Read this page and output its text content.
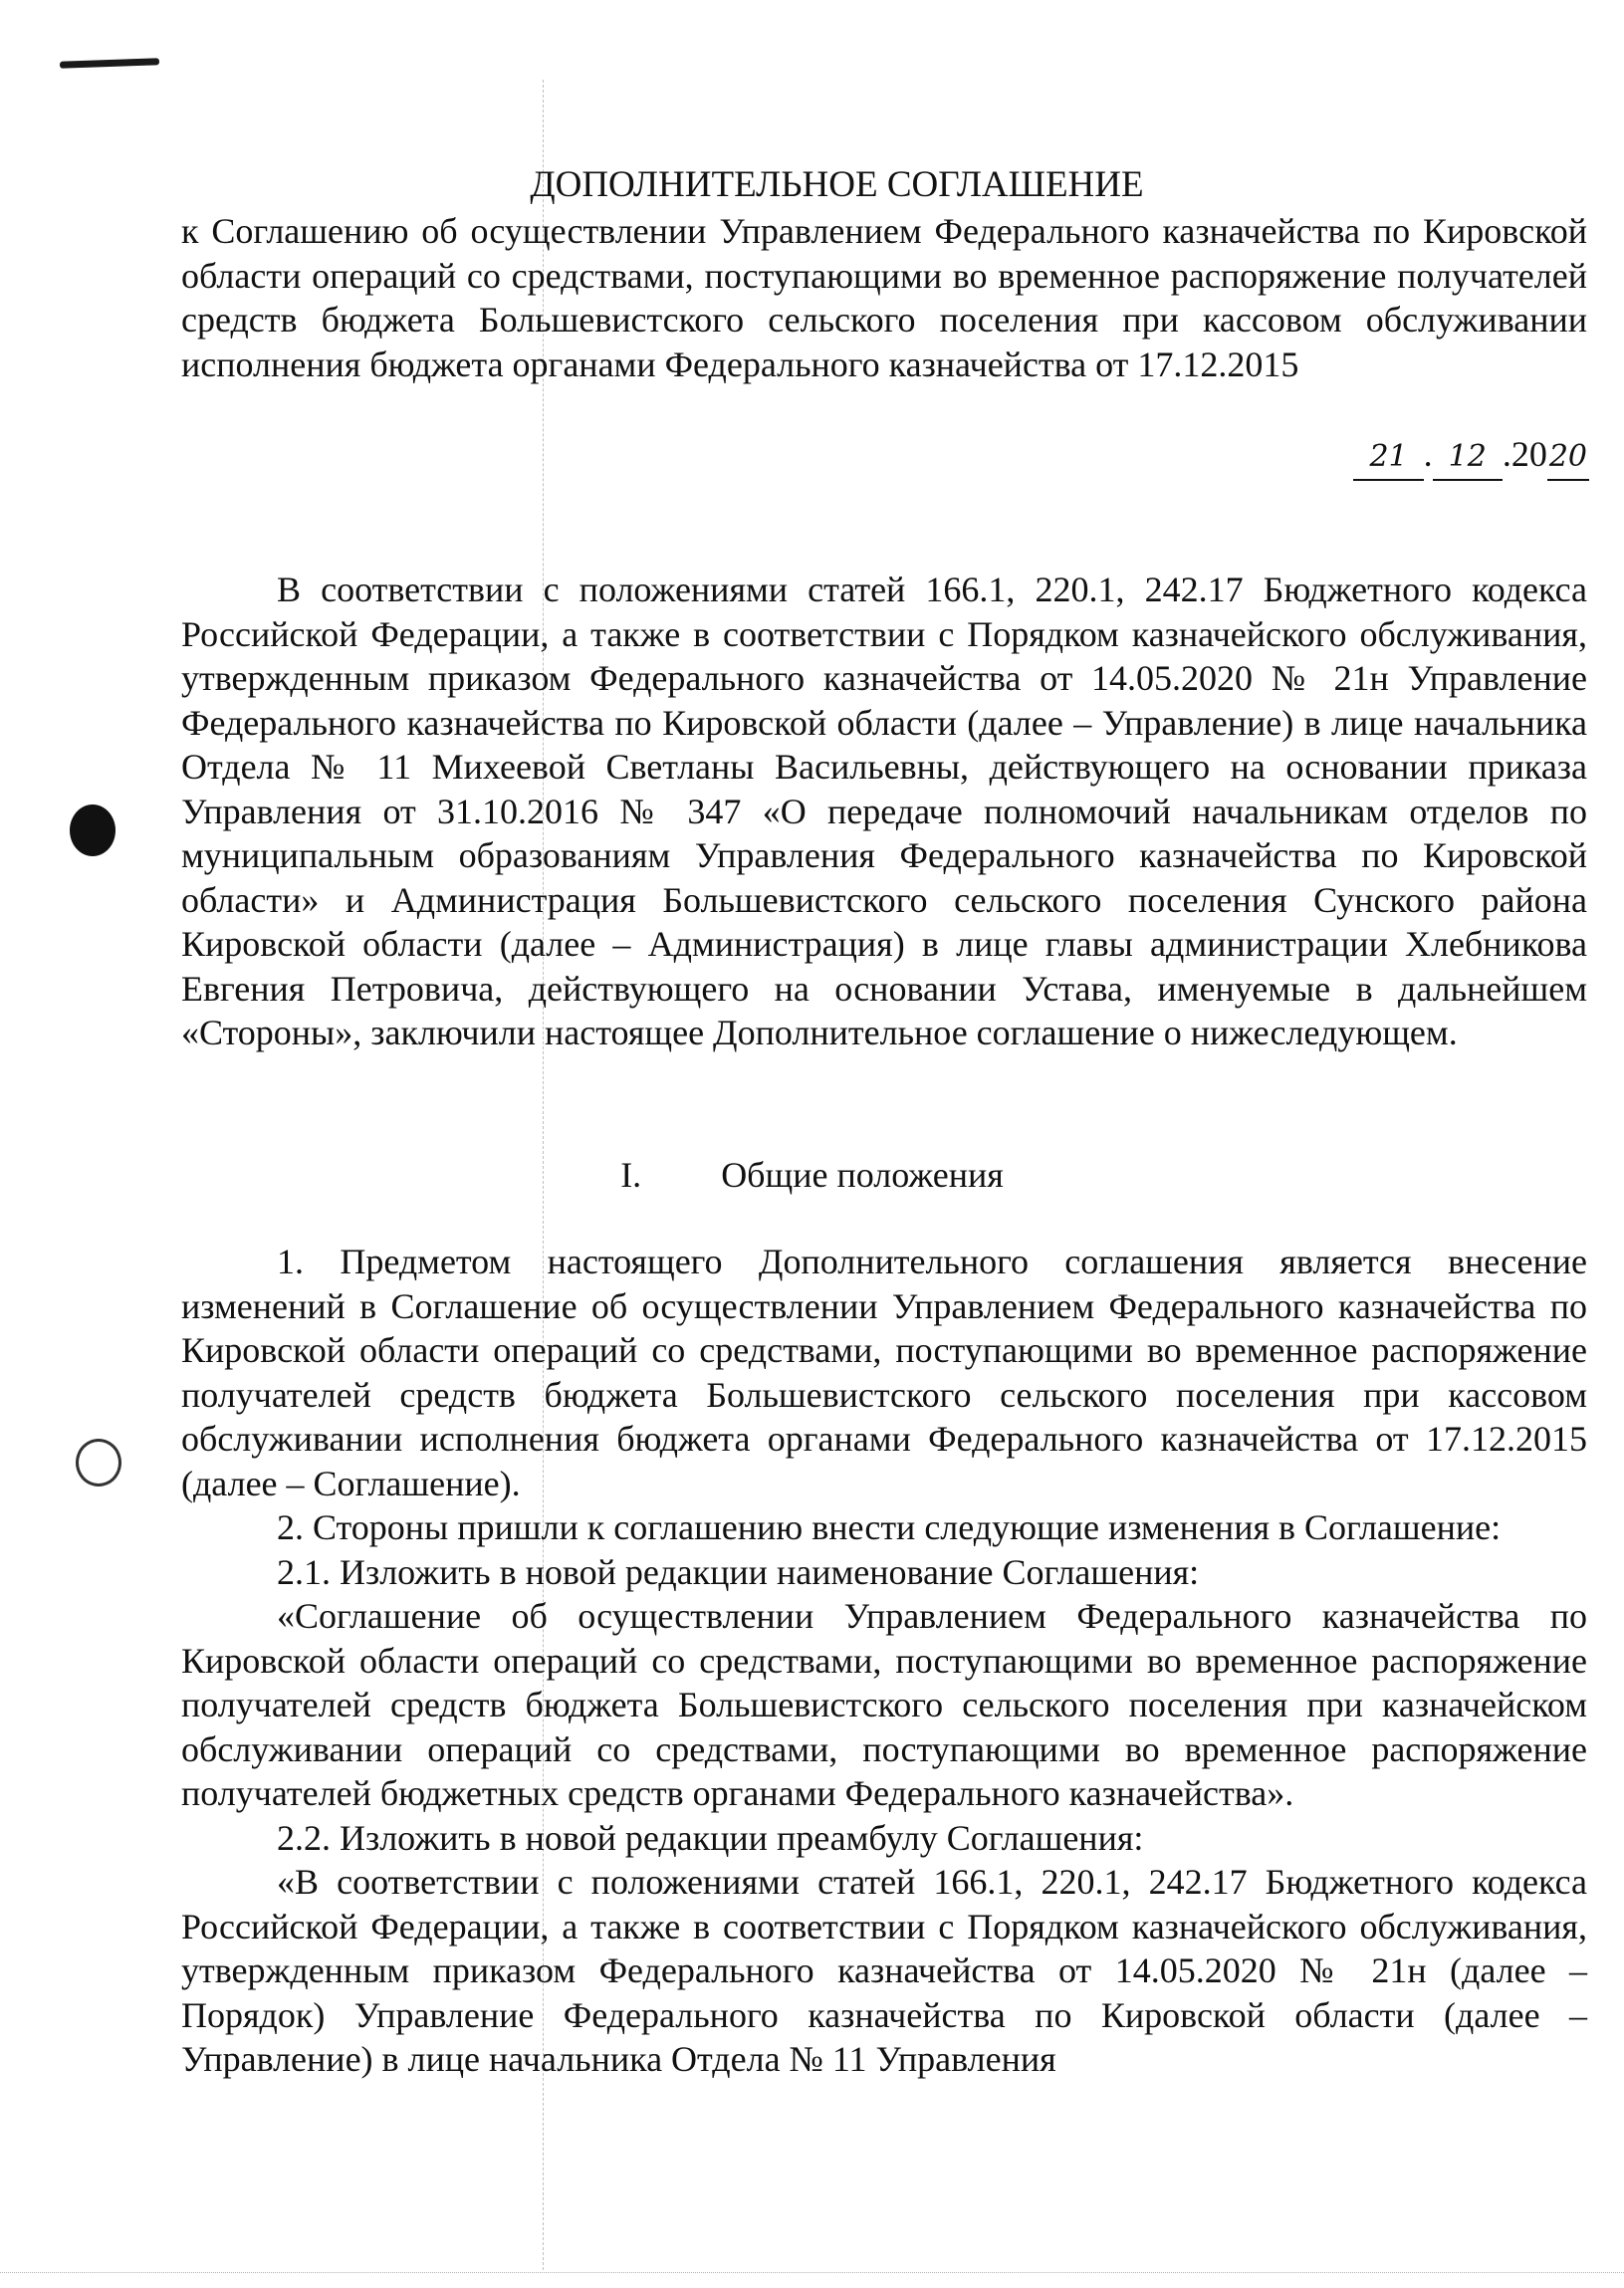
ДОПОЛНИТЕЛЬНОЕ СОГЛАШЕНИЕ

к Соглашению об осуществлении Управлением Федерального казначейства по Кировской области операций со средствами, поступающими во временное распоряжение получателей средств бюджета Большевистского сельского поселения при кассовом обслуживании исполнения бюджета органами Федерального казначейства от 17.12.2015

21 . 12 .2020

В соответствии с положениями статей 166.1, 220.1, 242.17 Бюджетного кодекса Российской Федерации, а также в соответствии с Порядком казначейского обслуживания, утвержденным приказом Федерального казначейства от 14.05.2020 № 21н Управление Федерального казначейства по Кировской области (далее – Управление) в лице начальника Отдела № 11 Михеевой Светланы Васильевны, действующего на основании приказа Управления от 31.10.2016 № 347 «О передаче полномочий начальникам отделов по муниципальным образованиям Управления Федерального казначейства по Кировской области» и Администрация Большевистского сельского поселения Сунского района Кировской области (далее – Администрация) в лице главы администрации Хлебникова Евгения Петровича, действующего на основании Устава, именуемые в дальнейшем «Стороны», заключили настоящее Дополнительное соглашение о нижеследующем.

I. Общие положения

1. Предметом настоящего Дополнительного соглашения является внесение изменений в Соглашение об осуществлении Управлением Федерального казначейства по Кировской области операций со средствами, поступающими во временное распоряжение получателей средств бюджета Большевистского сельского поселения при кассовом обслуживании исполнения бюджета органами Федерального казначейства от 17.12.2015 (далее – Соглашение).

2. Стороны пришли к соглашению внести следующие изменения в Соглашение:

2.1. Изложить в новой редакции наименование Соглашения:

«Соглашение об осуществлении Управлением Федерального казначейства по Кировской области операций со средствами, поступающими во временное распоряжение получателей средств бюджета Большевистского сельского поселения при казначейском обслуживании операций со средствами, поступающими во временное распоряжение получателей бюджетных средств органами Федерального казначейства».

2.2. Изложить в новой редакции преамбулу Соглашения:

«В соответствии с положениями статей 166.1, 220.1, 242.17 Бюджетного кодекса Российской Федерации, а также в соответствии с Порядком казначейского обслуживания, утвержденным приказом Федерального казначейства от 14.05.2020 № 21н (далее – Порядок) Управление Федерального казначейства по Кировской области (далее – Управление) в лице начальника Отдела № 11 Управления
